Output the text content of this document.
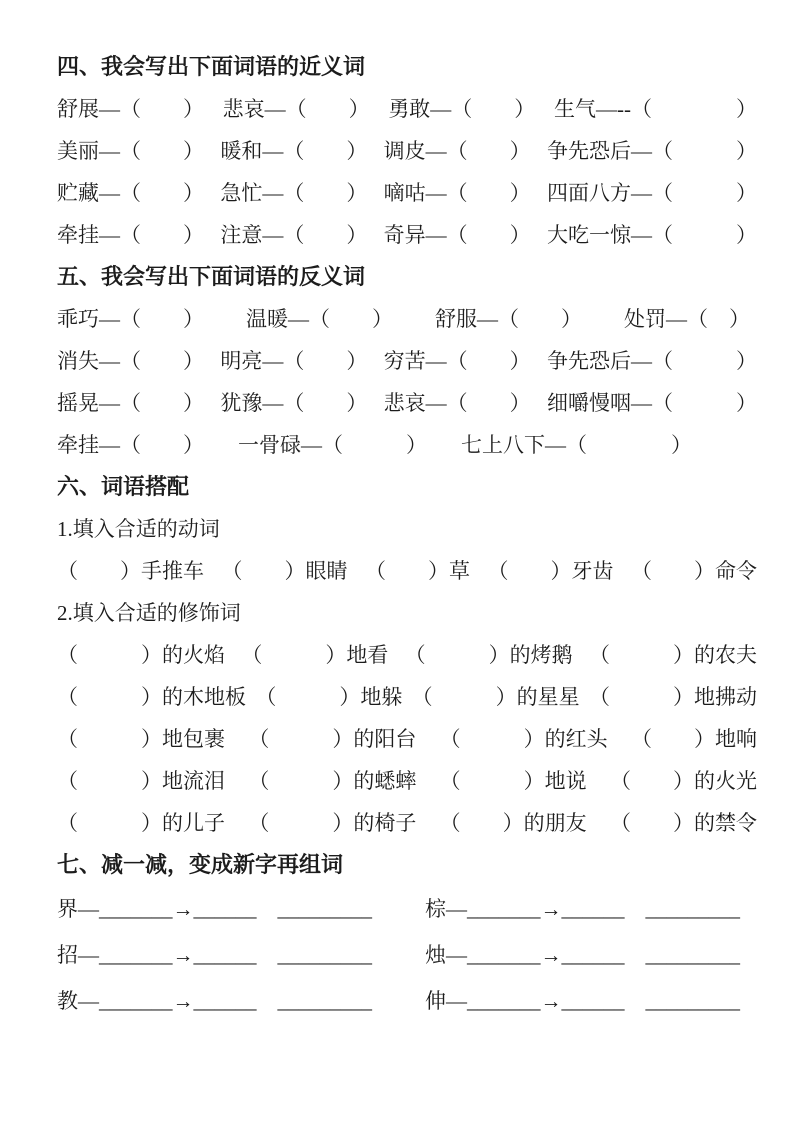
四、我会写出下面词语的近义词
舒展—（　　） 悲哀—（　　） 勇敢—（　　） 生气—--（　　　　）
美丽—（　　） 暖和—（　　） 调皮—（　　） 争先恐后—（　　　）
贮藏—（　　） 急忙—（　　） 嘀咕—（　　） 四面八方—（　　　）
牵挂—（　　） 注意—（　　） 奇异—（　　） 大吃一惊—（　　　）
五、我会写出下面词语的反义词
乖巧—（　　） 温暖—（　　） 舒服—（　　） 处罚—（　）
消失—（　　） 明亮—（　　） 穷苦—（　　） 争先恐后—（　　　）
摇晃—（　　） 犹豫—（　　） 悲哀—（　　） 细嚼慢咽—（　　　）
牵挂—（　　） 一骨碌—（　　　） 七上八下—（　　　　）
六、词语搭配
1.填入合适的动词
（　　）手推车 （　　）眼睛 （　　）草 （　　）牙齿 （　　）命令
2.填入合适的修饰词
（　　　）的火焰 （　　　）地看 （　　　）的烤鹅 （　　　）的农夫
（　　　）的木地板 （　　　）地躲 （　　　）的星星 （　　　）地拂动
（　　　）地包裹 （　　　）的阳台 （　　　）的红头 （　　）地响
（　　　）地流泪 （　　　）的蟋蟀 （　　　）地说 （　　）的火光
（　　　）的儿子 （　　　）的椅子 （　　）的朋友 （　　）的禁令
七、减一减，变成新字再组词
界—_______→______　_________	棕—_______→______　_________
招—_______→______　_________	烛—_______→______　_________
教—_______→______　_________	伸—_______→______　_________
